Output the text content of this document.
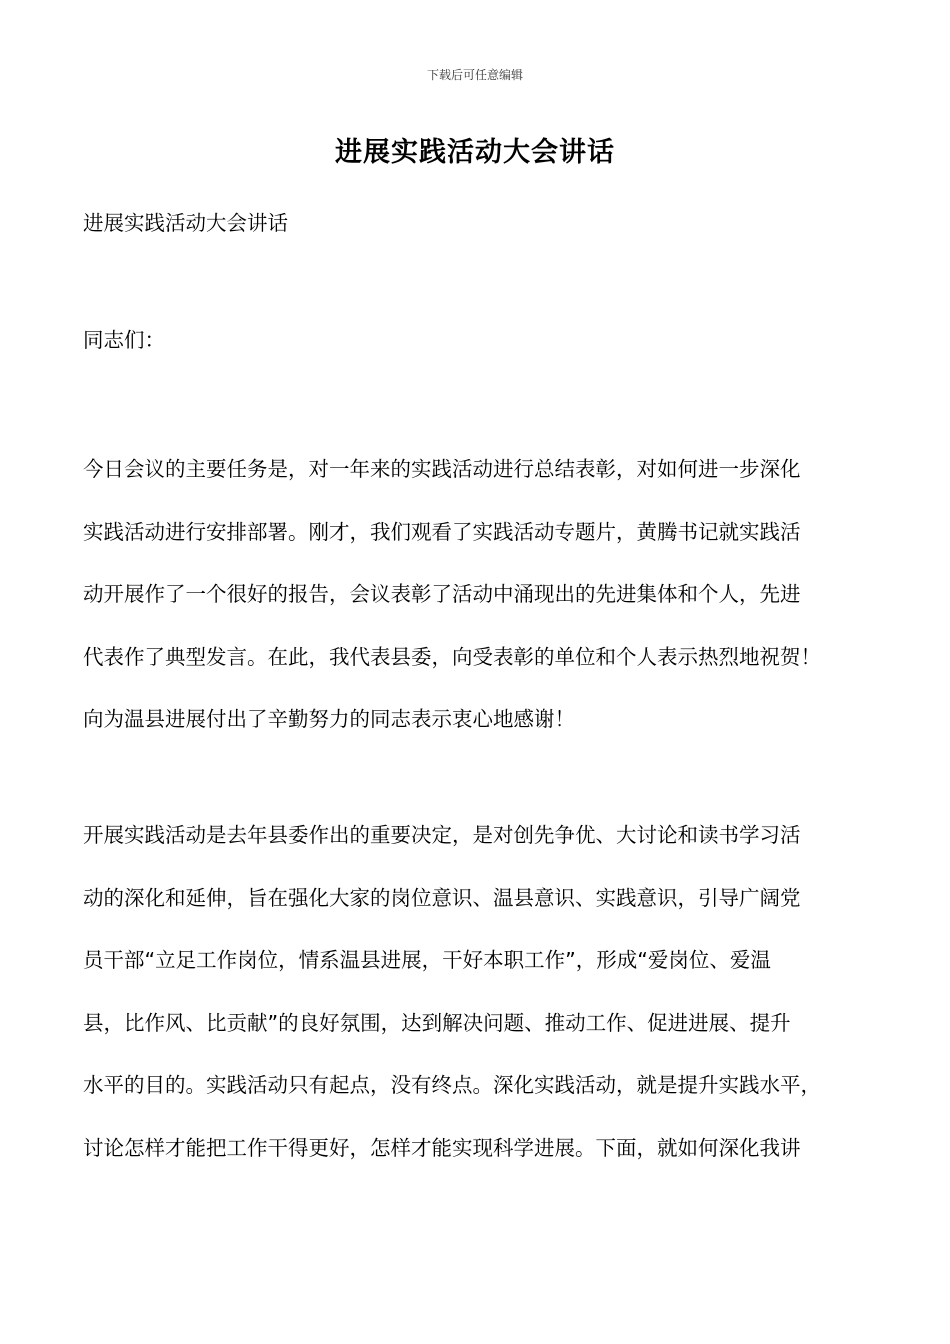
下载后可任意编辑
进展实践活动大会讲话
进展实践活动大会讲话
同志们：
今日会议的主要任务是，对一年来的实践活动进行总结表彰，对如何进一步深化
实践活动进行安排部署。刚才，我们观看了实践活动专题片，黄腾书记就实践活
动开展作了一个很好的报告，会议表彰了活动中涌现出的先进集体和个人，先进
代表作了典型发言。在此，我代表县委，向受表彰的单位和个人表示热烈地祝贺！
向为温县进展付出了辛勤努力的同志表示衷心地感谢！
开展实践活动是去年县委作出的重要决定，是对创先争优、大讨论和读书学习活
动的深化和延伸，旨在强化大家的岗位意识、温县意识、实践意识，引导广阔党
员干部“立足工作岗位，情系温县进展，干好本职工作”，形成“爱岗位、爱温
县，比作风、比贡献”的良好氛围，达到解决问题、推动工作、促进进展、提升
水平的目的。实践活动只有起点，没有终点。深化实践活动，就是提升实践水平，
讨论怎样才能把工作干得更好，怎样才能实现科学进展。下面，就如何深化我讲
